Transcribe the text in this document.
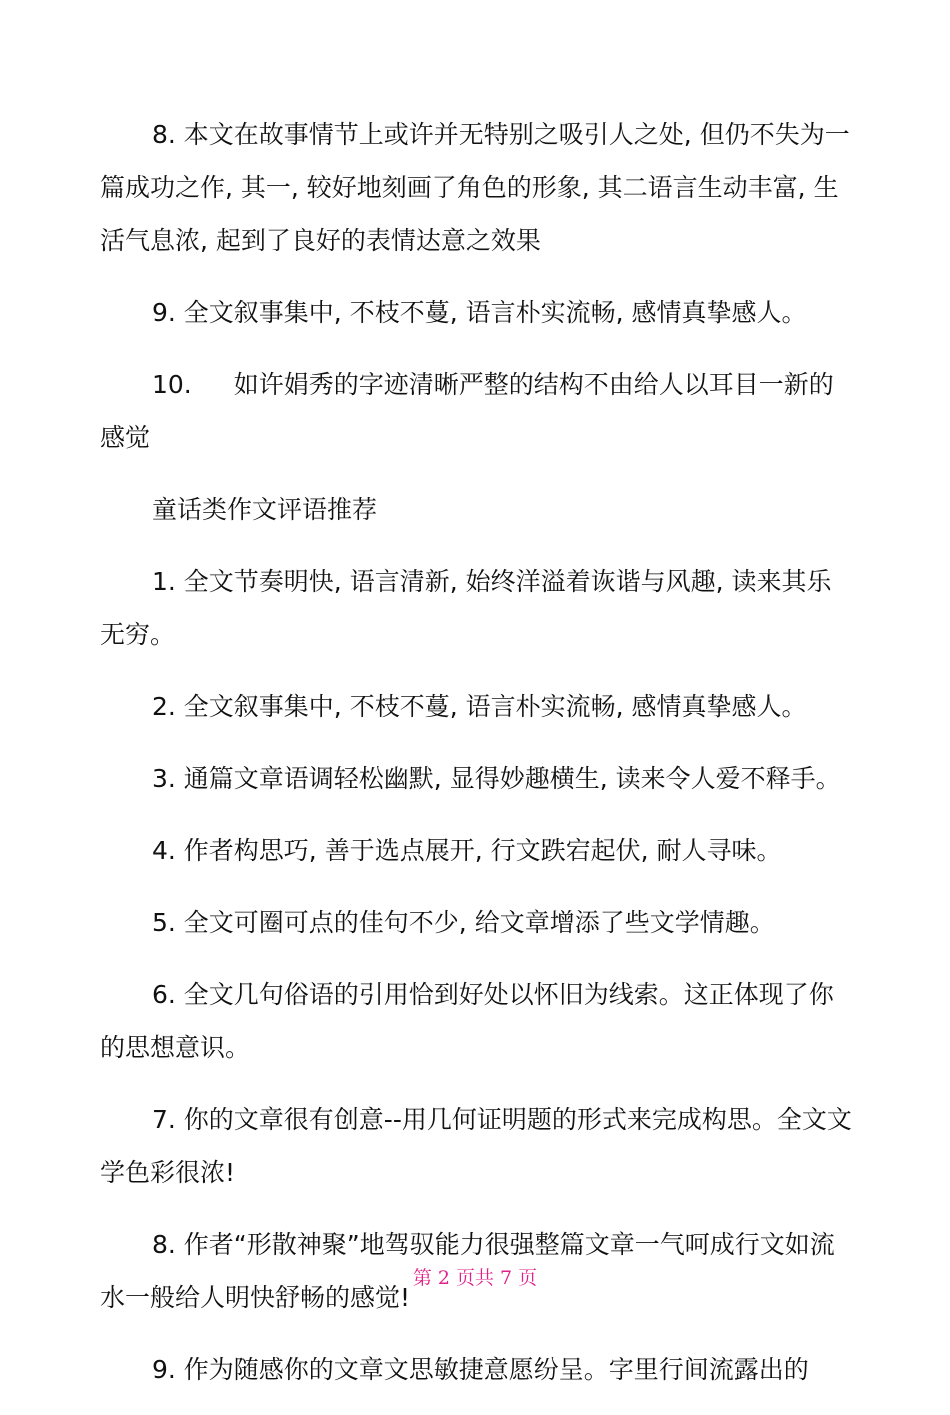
8. 本文在故事情节上或许并无特别之吸引人之处, 但仍不失为一篇成功之作, 其一, 较好地刻画了角色的形象, 其二语言生动丰富, 生活气息浓, 起到了良好的表情达意之效果

9. 全文叙事集中, 不枝不蔓, 语言朴实流畅, 感情真挚感人。

10. 如许娟秀的字迹清晰严整的结构不由给人以耳目一新的感觉

童话类作文评语推荐

1. 全文节奏明快, 语言清新, 始终洋溢着诙谐与风趣, 读来其乐无穷。

2. 全文叙事集中, 不枝不蔓, 语言朴实流畅, 感情真挚感人。

3. 通篇文章语调轻松幽默, 显得妙趣横生, 读来令人爱不释手。

4. 作者构思巧, 善于选点展开, 行文跌宕起伏, 耐人寻味。

5. 全文可圈可点的佳句不少, 给文章增添了些文学情趣。

6. 全文几句俗语的引用恰到好处以怀旧为线索。这正体现了你的思想意识。

7. 你的文章很有创意--用几何证明题的形式来完成构思。全文文学色彩很浓!

8. 作者“形散神聚”地驾驭能力很强整篇文章一气呵成行文如流水一般给人明快舒畅的感觉!

9. 作为随感你的文章文思敏捷意愿纷呈。字里行间流露出的

第 2 页共 7 页
